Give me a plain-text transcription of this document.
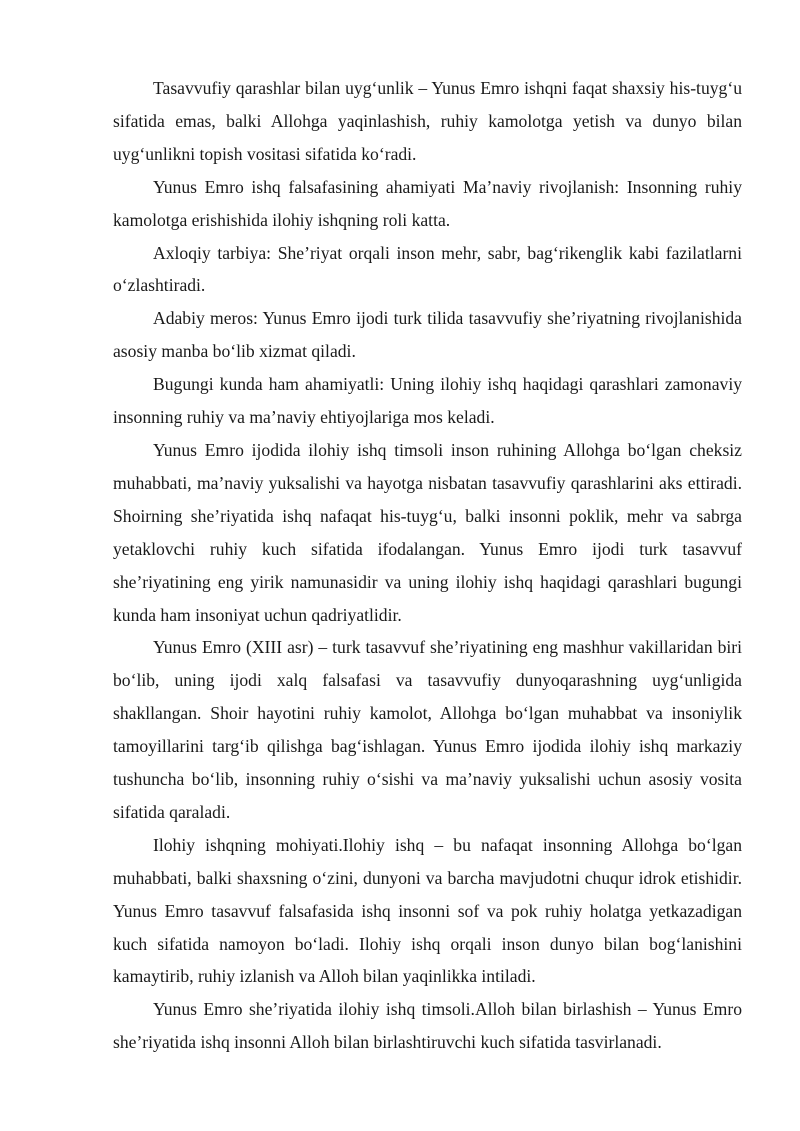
Tasavvufiy qarashlar bilan uyg‘unlik – Yunus Emro ishqni faqat shaxsiy his-tuyg‘u sifatida emas, balki Allohga yaqinlashish, ruhiy kamolotga yetish va dunyo bilan uyg‘unlikni topish vositasi sifatida ko‘radi.

Yunus Emro ishq falsafasining ahamiyati Ma’naviy rivojlanish: Insonning ruhiy kamolotga erishishida ilohiy ishqning roli katta.

Axloqiy tarbiya: She’riyat orqali inson mehr, sabr, bag‘rikenglik kabi fazilatlarni o‘zlashtiradi.

Adabiy meros: Yunus Emro ijodi turk tilida tasavvufiy she’riyatning rivojlanishida asosiy manba bo‘lib xizmat qiladi.

Bugungi kunda ham ahamiyatli: Uning ilohiy ishq haqidagi qarashlari zamonaviy insonning ruhiy va ma’naviy ehtiyojlariga mos keladi.

Yunus Emro ijodida ilohiy ishq timsoli inson ruhining Allohga bo‘lgan cheksiz muhabbati, ma’naviy yuksalishi va hayotga nisbatan tasavvufiy qarashlarini aks ettiradi. Shoirning she’riyatida ishq nafaqat his-tuyg‘u, balki insonni poklik, mehr va sabrga yetaklovchi ruhiy kuch sifatida ifodalangan. Yunus Emro ijodi turk tasavvuf she’riyatining eng yirik namunasidir va uning ilohiy ishq haqidagi qarashlari bugungi kunda ham insoniyat uchun qadriyatlidir.

Yunus Emro (XIII asr) – turk tasavvuf she’riyatining eng mashhur vakillaridan biri bo‘lib, uning ijodi xalq falsafasi va tasavvufiy dunyoqarashning uyg‘unligida shakllangan. Shoir hayotini ruhiy kamolot, Allohga bo‘lgan muhabbat va insoniylik tamoyillarini targ‘ib qilishga bag‘ishlagan. Yunus Emro ijodida ilohiy ishq markaziy tushuncha bo‘lib, insonning ruhiy o‘sishi va ma’naviy yuksalishi uchun asosiy vosita sifatida qaraladi.

Ilohiy ishqning mohiyati.Ilohiy ishq – bu nafaqat insonning Allohga bo‘lgan muhabbati, balki shaxsning o‘zini, dunyoni va barcha mavjudotni chuqur idrok etishidir. Yunus Emro tasavvuf falsafasida ishq insonni sof va pok ruhiy holatga yetkazadigan kuch sifatida namoyon bo‘ladi. Ilohiy ishq orqali inson dunyo bilan bog‘lanishini kamaytirib, ruhiy izlanish va Alloh bilan yaqinlikka intiladi.

Yunus Emro she’riyatida ilohiy ishq timsoli.Alloh bilan birlashish – Yunus Emro she’riyatida ishq insonni Alloh bilan birlashtiruvchi kuch sifatida tasvirlanadi.
